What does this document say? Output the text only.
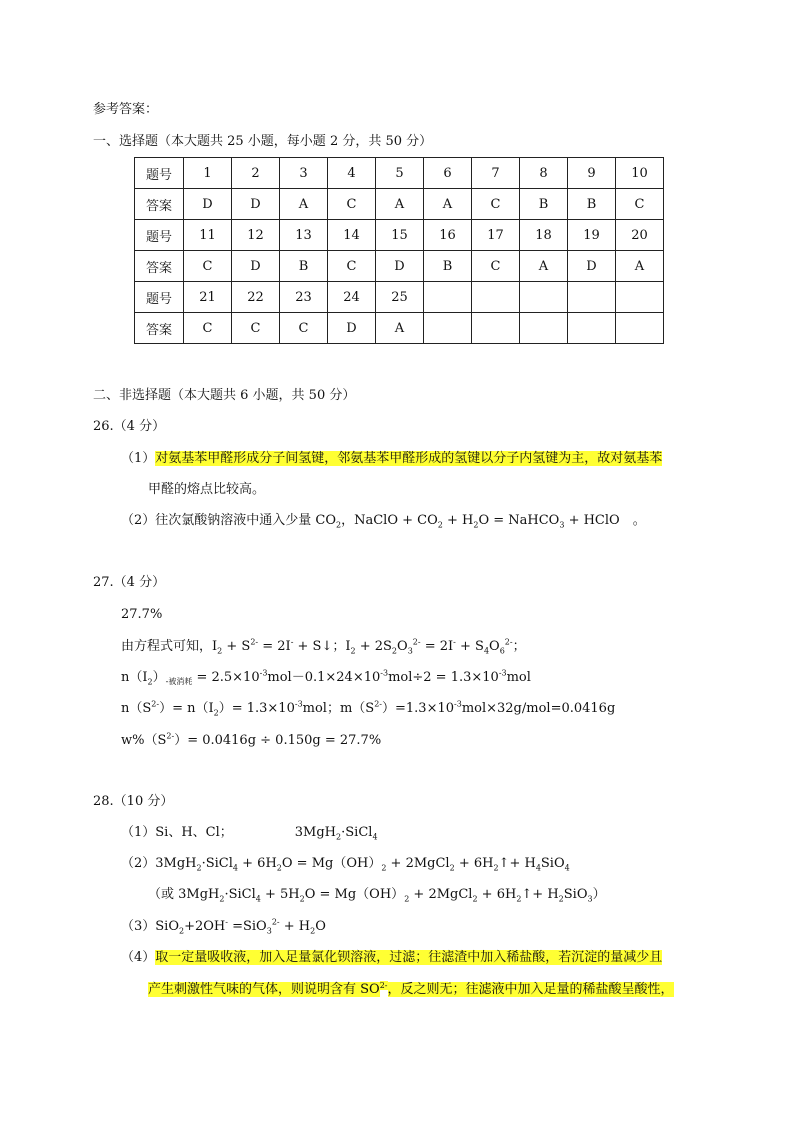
参考答案：
一、选择题（本大题共 25 小题，每小题 2 分，共 50 分）
题号	1	2	3	4	5	6	7	8	9	10
答案	D	D	A	C	A	A	C	B	B	C
题号	11	12	13	14	15	16	17	18	19	20
答案	C	D	B	C	D	B	C	A	D	A
题号	21	22	23	24	25					
答案	C	C	C	D	A					
二、非选择题（本大题共 6 小题，共 50 分）
26.（4 分）
（1）对氨基苯甲醛形成分子间氢键，邻氨基苯甲醛形成的氢键以分子内氢键为主，故对氨基苯
甲醛的熔点比较高。
（2）往次氯酸钠溶液中通入少量 $CO_2$，NaClO + $CO_2 + H_2O$ = NaHCO$_3$ + HClO　。
27.（4 分）
27.7%
由方程式可知，$I_2 + S^{2-} = 2I^-$ + S↓；$I_2 + 2S_2O_3^{2-} = 2I^- + S_4O_6^{2-}$；
$n(I_2)_{-被消耗} = 2.5\times 10^{-3}mol-0.1\times 24\times 10^{-3}mol\div 2 = 1.3\times 10^{-3}mol$
$n(S^{2-})= n(I_2)= 1.3\times 10^{-3}mol$；$m(S^{2-})=1.3\times 10^{-3}mol\times 32g/mol=0.0416g$
$w\%(S^{2-})= 0.0416g \div 0.150g = 27.7\%$
28.（10 分）
（1）Si、H、Cl；	3MgH$_2$·SiCl$_4$
（2）3MgH$_2$·SiCl$_4$ + $6H_2O = Mg(OH)_2$ + 2MgCl$_2$ + $6H_2↑+ H_4SiO_4$
（或 3MgH$_2$·SiCl$_4$ + $5H_2O = Mg(OH)_2$ + 2MgCl$_2$ + $6H_2↑+ H_2SiO_3$）
$(3)SiO_2+2OH^- =SiO_3^{2-} + H_2O$
（4）取一定量吸收液，加入足量氯化钡溶液，过滤；往滤渣中加入稀盐酸，若沉淀的量减少且
产生刺激性气味的气体，则说明含有 $SO^{2-}$，反之则无；往滤液中加入足量的稀盐酸呈酸性，
